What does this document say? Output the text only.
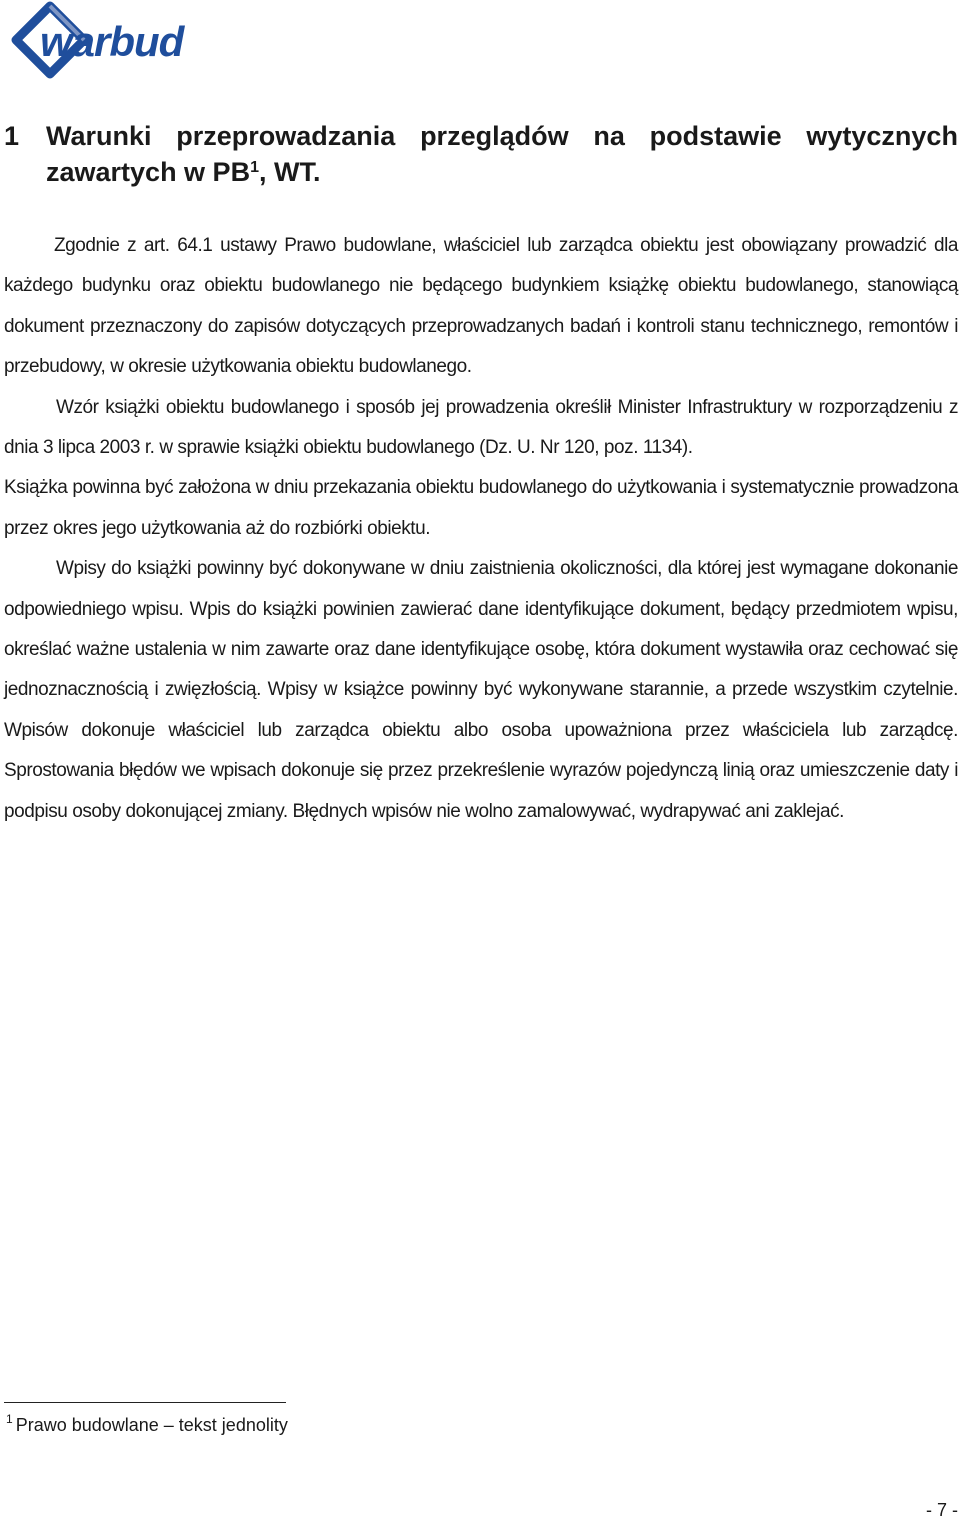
warbud
1 Warunki przeprowadzania przeglądów na podstawie wytycznych
zawartych w $PB^1$, WT.

Zgodnie z art. 64.1 ustawy Prawo budowlane, właściciel lub zarządca obiektu jest obowiązany prowadzić dla każdego budynku oraz obiektu budowlanego nie będącego budynkiem książkę obiektu budowlanego, stanowiącą dokument przeznaczony do zapisów dotyczących przeprowadzanych badań i kontroli stanu technicznego, remontów i przebudowy, w okresie użytkowania obiektu budowlanego.

Wzór książki obiektu budowlanego i sposób jej prowadzenia określił Minister Infrastruktury w rozporządzeniu z dnia 3 lipca 2003 r. w sprawie książki obiektu budowlanego (Dz. U. Nr 120, poz. 1134).

Książka powinna być założona w dniu przekazania obiektu budowlanego do użytkowania i systematycznie prowadzona przez okres jego użytkowania aż do rozbiórki obiektu.

Wpisy do książki powinny być dokonywane w dniu zaistnienia okoliczności, dla której jest wymagane dokonanie odpowiedniego wpisu. Wpis do książki powinien zawierać dane identyfikujące dokument, będący przedmiotem wpisu, określać ważne ustalenia w nim zawarte oraz dane identyfikujące osobę, która dokument wystawiła oraz cechować się jednoznacznością i zwięzłością. Wpisy w książce powinny być wykonywane starannie, a przede wszystkim czytelnie. Wpisów dokonuje właściciel lub zarządca obiektu albo osoba upoważniona przez właściciela lub zarządcę. Sprostowania błędów we wpisach dokonuje się przez przekreślenie wyrazów pojedynczą linią oraz umieszczenie daty i podpisu osoby dokonującej zmiany. Błędnych wpisów nie wolno zamalowywać, wydrapywać ani zaklejać.

$^1$ Prawo budowlane – tekst jednolity
- 7 -
